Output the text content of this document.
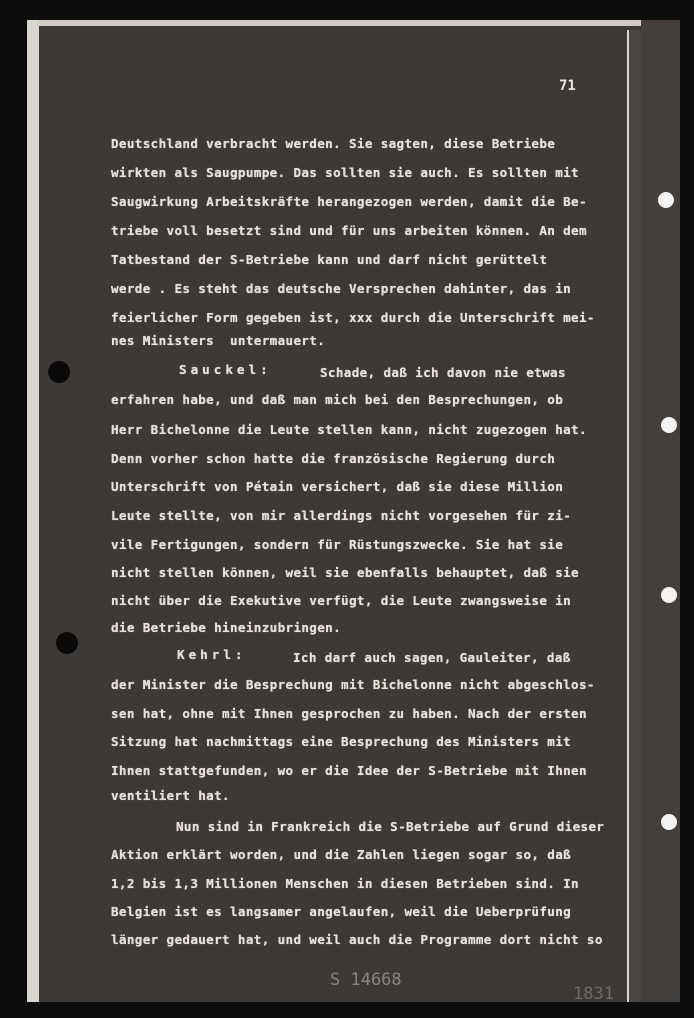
71
Deutschland verbracht werden. Sie sagten, diese Betriebe
wirkten als Saugpumpe. Das sollten sie auch. Es sollten mit
Saugwirkung Arbeitskräfte herangezogen werden, damit die Be-
triebe voll besetzt sind und für uns arbeiten können. An dem
Tatbestand der S-Betriebe kann und darf nicht gerüttelt
werde . Es steht das deutsche Versprechen dahinter, das in
feierlicher Form gegeben ist, xxx durch die Unterschrift mei-
nes Ministers  untermauert.
Sauckel:	Schade, daß ich davon nie etwas
erfahren habe, und daß man mich bei den Besprechungen, ob
Herr Bichelonne die Leute stellen kann, nicht zugezogen hat.
Denn vorher schon hatte die französische Regierung durch
Unterschrift von Pétain versichert, daß sie diese Million
Leute stellte, von mir allerdings nicht vorgesehen für zi-
vile Fertigungen, sondern für Rüstungszwecke. Sie hat sie
nicht stellen können, weil sie ebenfalls behauptet, daß sie
nicht über die Exekutive verfügt, die Leute zwangsweise in
die Betriebe hineinzubringen.
Kehrl:	Ich darf auch sagen, Gauleiter, daß
der Minister die Besprechung mit Bichelonne nicht abgeschlos-
sen hat, ohne mit Ihnen gesprochen zu haben. Nach der ersten
Sitzung hat nachmittags eine Besprechung des Ministers mit
Ihnen stattgefunden, wo er die Idee der S-Betriebe mit Ihnen
ventiliert hat.
Nun sind in Frankreich die S-Betriebe auf Grund dieser
Aktion erklärt worden, und die Zahlen liegen sogar so, daß
1,2 bis 1,3 Millionen Menschen in diesen Betrieben sind. In
Belgien ist es langsamer angelaufen, weil die Ueberprüfung
länger gedauert hat, und weil auch die Programme dort nicht so
S 14668
1831
